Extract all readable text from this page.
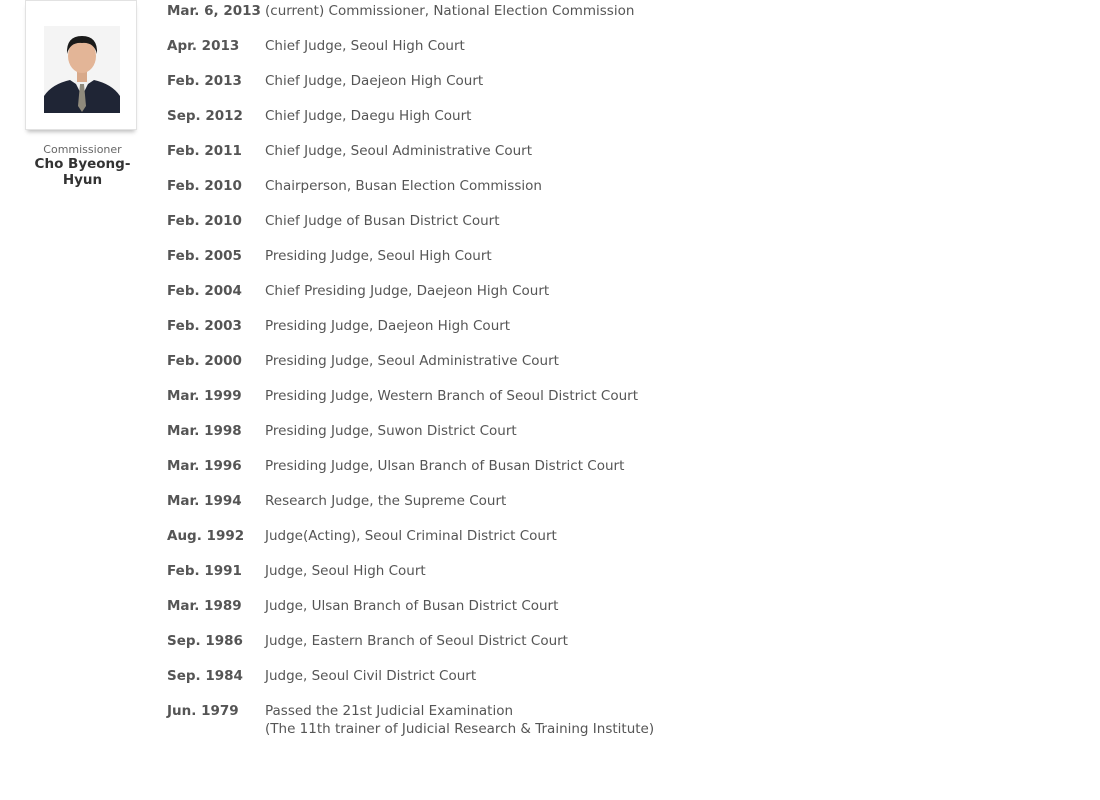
Commissioner
Cho Byeong-Hyun
Mar. 6, 2013 (current) Commissioner, National Election Commission
Apr. 2013	Chief Judge, Seoul High Court
Feb. 2013	Chief Judge, Daejeon High Court
Sep. 2012	Chief Judge, Daegu High Court
Feb. 2011	Chief Judge, Seoul Administrative Court
Feb. 2010	Chairperson, Busan Election Commission
Feb. 2010	Chief Judge of Busan District Court
Feb. 2005	Presiding Judge, Seoul High Court
Feb. 2004	Chief Presiding Judge, Daejeon High Court
Feb. 2003	Presiding Judge, Daejeon High Court
Feb. 2000	Presiding Judge, Seoul Administrative Court
Mar. 1999	Presiding Judge, Western Branch of Seoul District Court
Mar. 1998	Presiding Judge, Suwon District Court
Mar. 1996	Presiding Judge, Ulsan Branch of Busan District Court
Mar. 1994	Research Judge, the Supreme Court
Aug. 1992	Judge(Acting), Seoul Criminal District Court
Feb. 1991	Judge, Seoul High Court
Mar. 1989	Judge, Ulsan Branch of Busan District Court
Sep. 1986	Judge, Eastern Branch of Seoul District Court
Sep. 1984	Judge, Seoul Civil District Court
Jun. 1979	Passed the 21st Judicial Examination
(The 11th trainer of Judicial Research & Training Institute)
